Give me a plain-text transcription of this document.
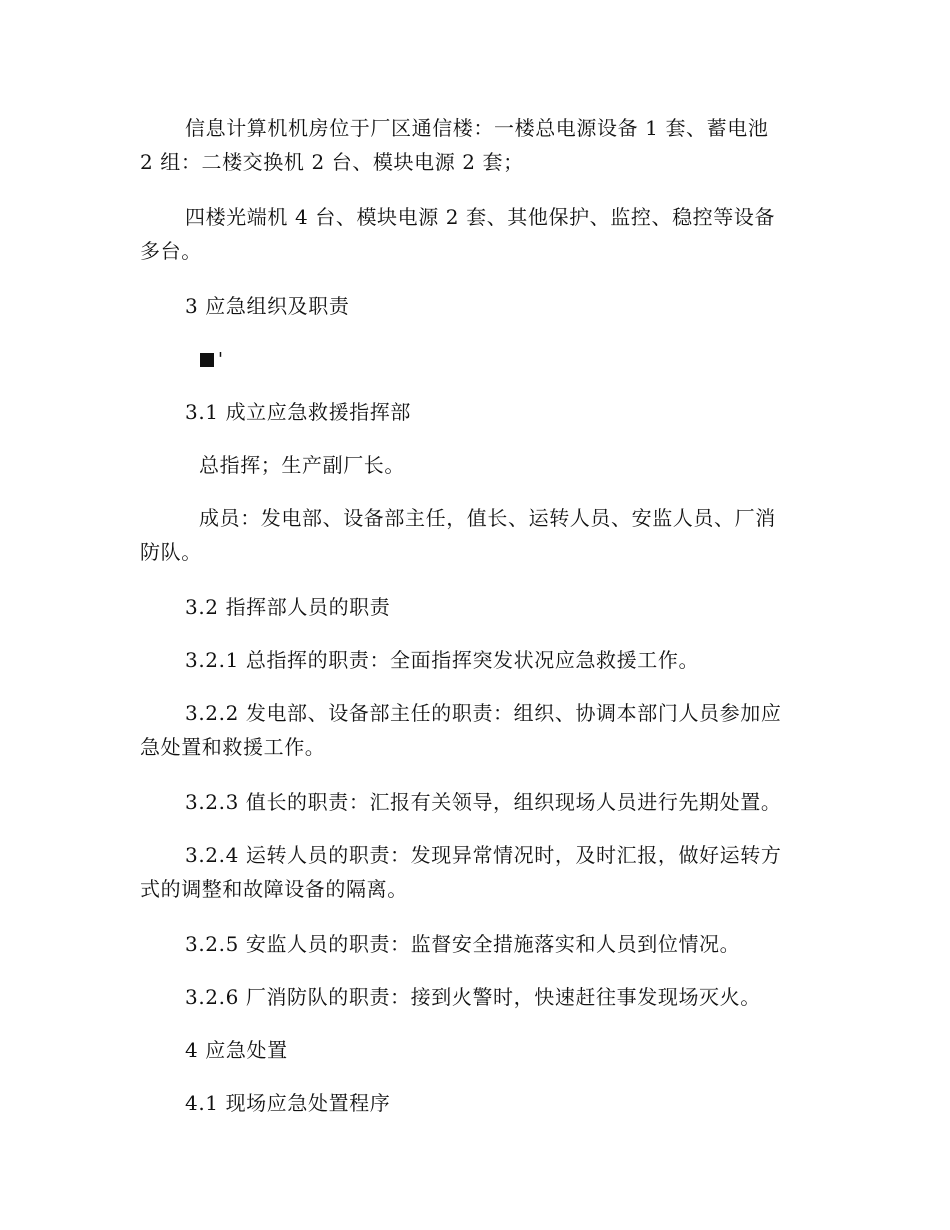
信息计算机机房位于厂区通信楼：一楼总电源设备 1 套、蓄电池
2 组：二楼交换机 2 台、模块电源 2 套；

四楼光端机 4 台、模块电源 2 套、其他保护、监控、稳控等设备
多台。

3 应急组织及职责
'
3.1 成立应急救援指挥部

总指挥；生产副厂长。

成员：发电部、设备部主任，值长、运转人员、安监人员、厂消
防队。

3.2 指挥部人员的职责

3.2.1 总指挥的职责：全面指挥突发状况应急救援工作。

3.2.2 发电部、设备部主任的职责：组织、协调本部门人员参加应
急处置和救援工作。

3.2.3 值长的职责：汇报有关领导，组织现场人员进行先期处置。

3.2.4 运转人员的职责：发现异常情况时，及时汇报，做好运转方
式的调整和故障设备的隔离。

3.2.5 安监人员的职责：监督安全措施落实和人员到位情况。

3.2.6 厂消防队的职责：接到火警时，快速赶往事发现场灭火。

4 应急处置
4.1 现场应急处置程序
